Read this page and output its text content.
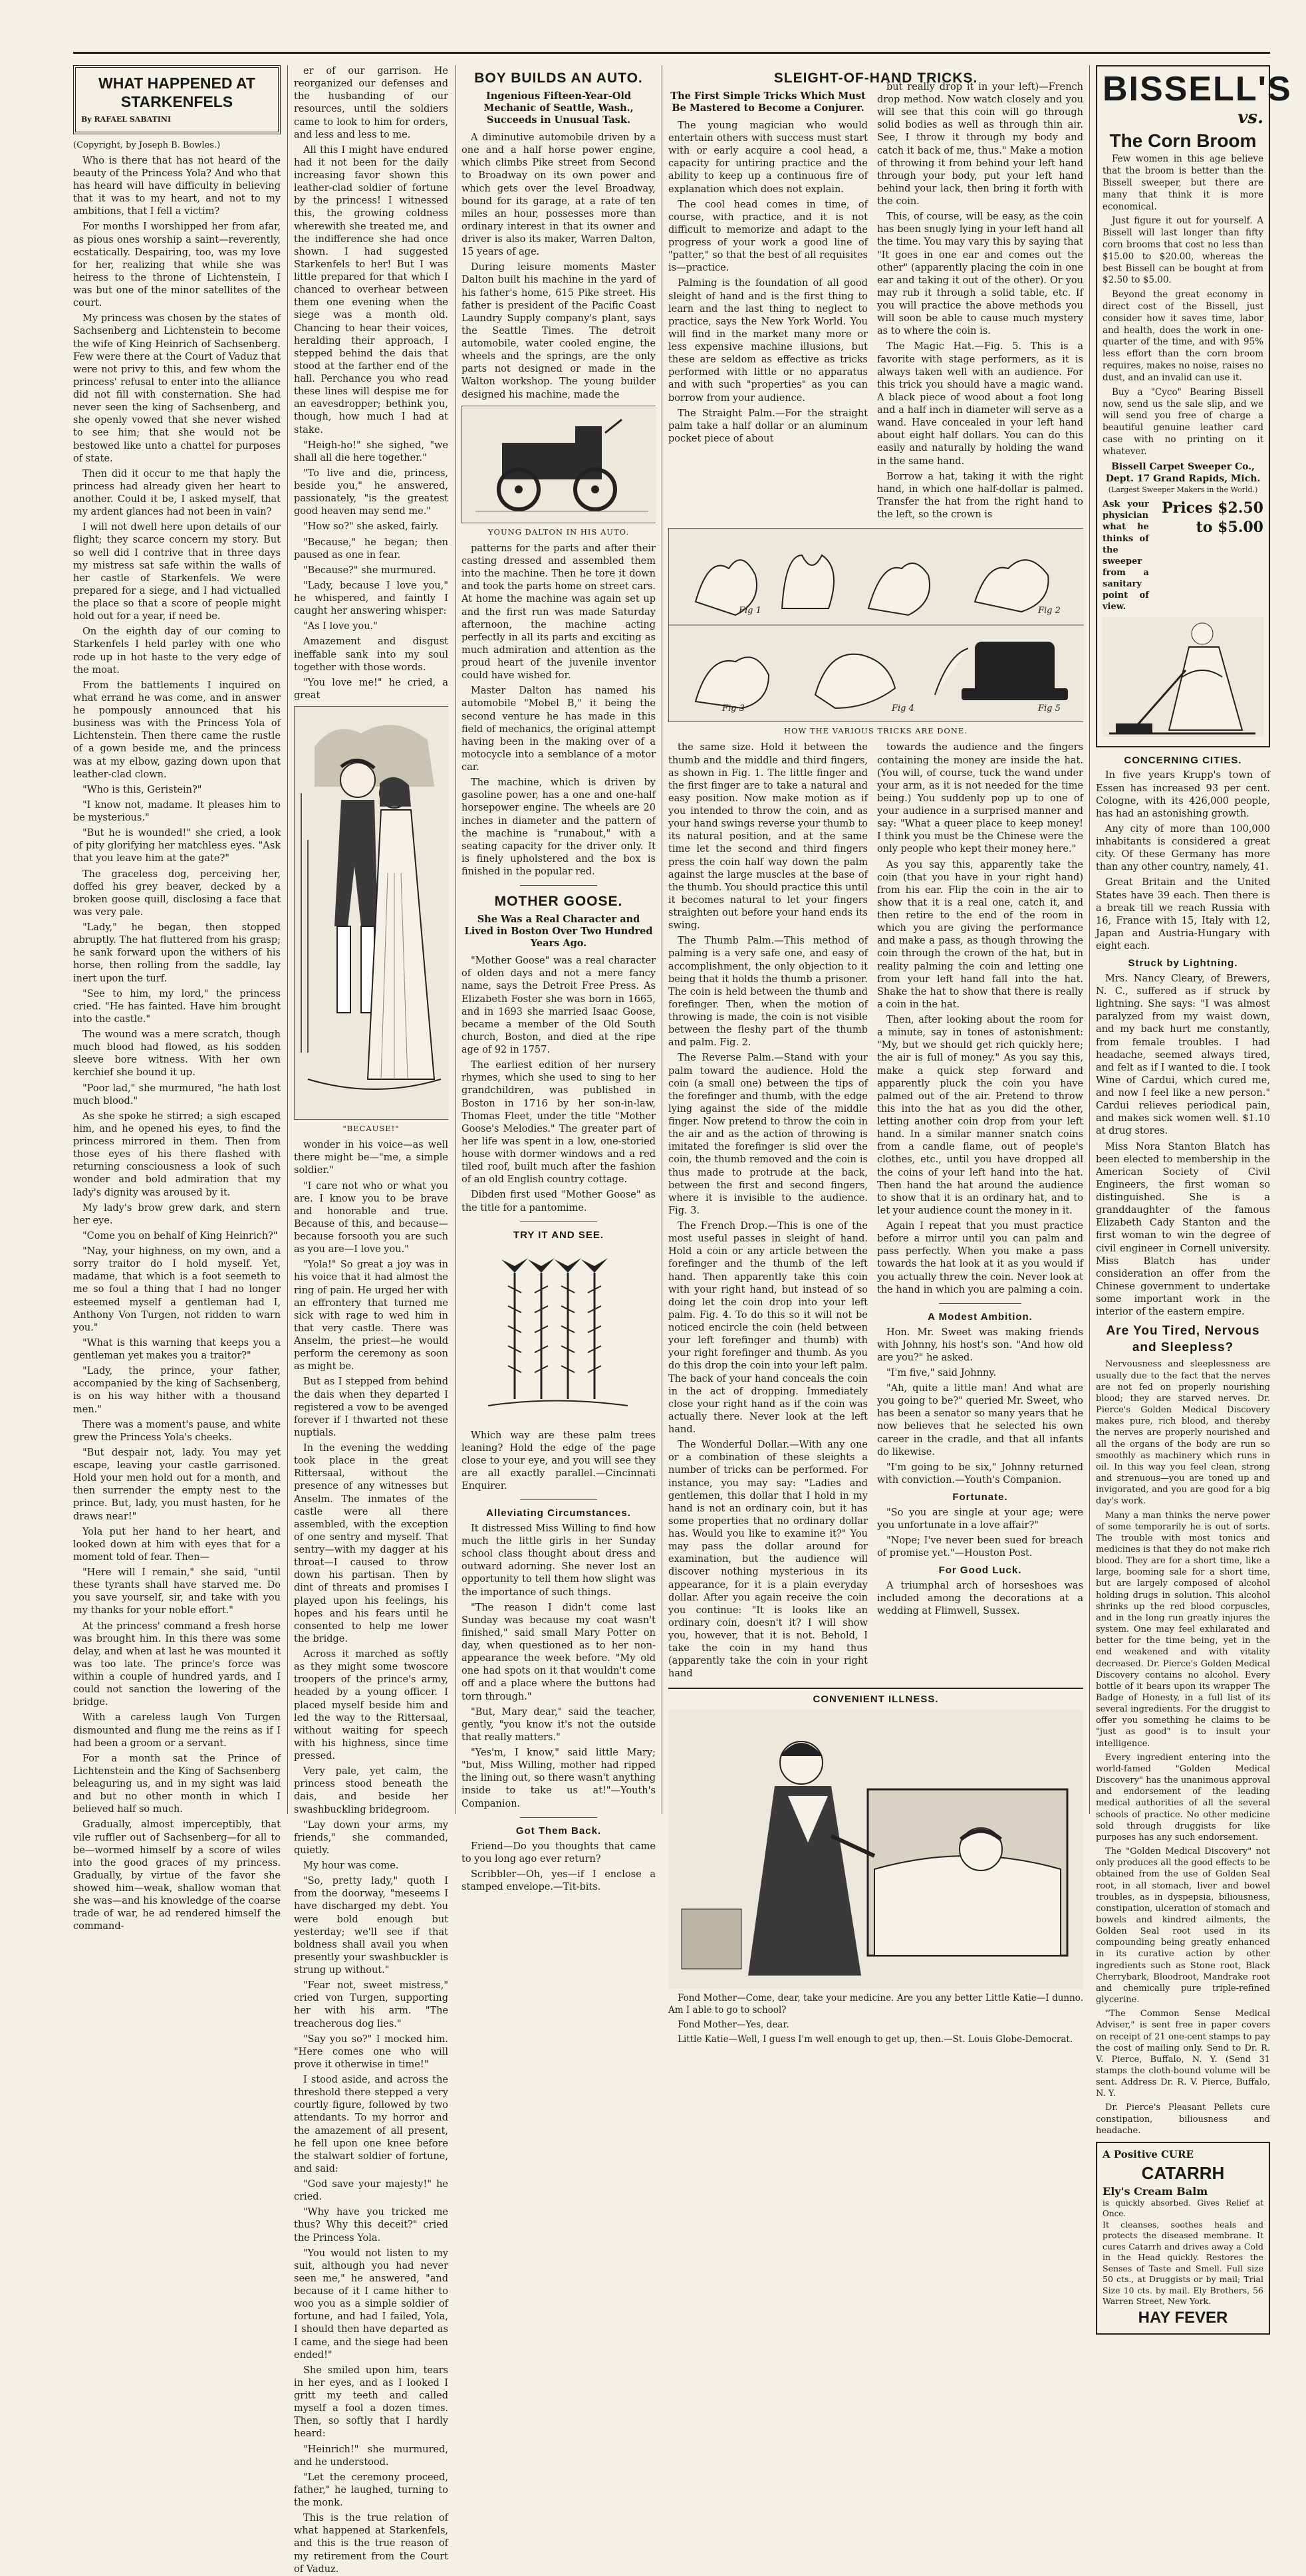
WHAT HAPPENED AT STARKENFELS
By RAFAEL SABATINI
(Copyright, by Joseph B. Bowles.)

Who is there that has not heard of the beauty of the Princess Yola? And who that has heard will have difficulty in believing that it was to my heart, and not to my ambitions, that I fell a victim?

For months I worshipped her from afar, as pious ones worship a saint—reverently, ecstatically. Despairing, too, was my love for her, realizing that while she was heiress to the throne of Lichtenstein, I was but one of the minor satellites of the court.

My princess was chosen by the states of Sachsenberg and Lichtenstein to become the wife of King Heinrich of Sachsenberg. Few were there at the Court of Vaduz that were not privy to this, and few whom the princess' refusal to enter into the alliance did not fill with consternation. She had never seen the king of Sachsenberg, and she openly vowed that she never wished to see him; that she would not be bestowed like unto a chattel for purposes of state.

Then did it occur to me that haply the princess had already given her heart to another. Could it be, I asked myself, that my ardent glances had not been in vain?

I will not dwell here upon details of our flight; they scarce concern my story. But so well did I contrive that in three days my mistress sat safe within the walls of her castle of Starkenfels. We were prepared for a siege, and I had victualled the place so that a score of people might hold out for a year, if need be.

On the eighth day of our coming to Starkenfels I held parley with one who rode up in hot haste to the very edge of the moat.

From the battlements I inquired on what errand he was come, and in answer he pompously announced that his business was with the Princess Yola of Lichtenstein. Then there came the rustle of a gown beside me, and the princess was at my elbow, gazing down upon that leather-clad clown.

"Who is this, Geristein?"

"I know not, madame. It pleases him to be mysterious."

"But he is wounded!" she cried, a look of pity glorifying her matchless eyes. "Ask that you leave him at the gate?"

The graceless dog, perceiving her, doffed his grey beaver, decked by a broken goose quill, disclosing a face that was very pale.

"Lady," he began, then stopped abruptly. The hat fluttered from his grasp; he sank forward upon the withers of his horse, then rolling from the saddle, lay inert upon the turf.

"See to him, my lord," the princess cried. "He has fainted. Have him brought into the castle."

The wound was a mere scratch, though much blood had flowed, as his sodden sleeve bore witness. With her own kerchief she bound it up.

"Poor lad," she murmured, "he hath lost much blood."

As she spoke he stirred; a sigh escaped him, and he opened his eyes, to find the princess mirrored in them. Then from those eyes of his there flashed with returning consciousness a look of such wonder and bold admiration that my lady's dignity was aroused by it.

My lady's brow grew dark, and stern her eye.

"Come you on behalf of King Heinrich?"

"Nay, your highness, on my own, and a sorry traitor do I hold myself. Yet, madame, that which is a foot seemeth to me so foul a thing that I had no longer esteemed myself a gentleman had I, Anthony Von Turgen, not ridden to warn you."

"What is this warning that keeps you a gentleman yet makes you a traitor?"

"Lady, the prince, your father, accompanied by the king of Sachsenberg, is on his way hither with a thousand men."

There was a moment's pause, and white grew the Princess Yola's cheeks.

"But despair not, lady. You may yet escape, leaving your castle garrisoned. Hold your men hold out for a month, and then surrender the empty nest to the prince. But, lady, you must hasten, for he draws near!"

Yola put her hand to her heart, and looked down at him with eyes that for a moment told of fear. Then—

"Here will I remain," she said, "until these tyrants shall have starved me. Do you save yourself, sir, and take with you my thanks for your noble effort."

At the princess' command a fresh horse was brought him. In this there was some delay, and when at last he was mounted it was too late. The prince's force was within a couple of hundred yards, and I could not sanction the lowering of the bridge.

With a careless laugh Von Turgen dismounted and flung me the reins as if I had been a groom or a servant.

For a month sat the Prince of Lichtenstein and the King of Sachsenberg beleaguring us, and in my sight was laid and but no other month in which I believed half so much.

Gradually, almost imperceptibly, that vile ruffler out of Sachsenberg—for all to be—wormed himself by a score of wiles into the good graces of my princess. Gradually, by virtue of the favor she showed him—weak, shallow woman that she was—and his knowledge of the coarse trade of war, he ad rendered himself the command-

er of our garrison. He reorganized our defenses and the husbanding of our resources, until the soldiers came to look to him for orders, and less and less to me.

All this I might have endured had it not been for the daily increasing favor shown this leather-clad soldier of fortune by the princess! I witnessed this, the growing coldness wherewith she treated me, and the indifference she had once shown. I had suggested Starkenfels to her! But I was little prepared for that which I chanced to overhear between them one evening when the siege was a month old. Chancing to hear their voices, heralding their approach, I stepped behind the dais that stood at the farther end of the hall. Perchance you who read these lines will despise me for an eavesdropper; bethink you, though, how much I had at stake.

"Heigh-ho!" she sighed, "we shall all die here together."

"To live and die, princess, beside you," he answered, passionately, "is the greatest good heaven may send me."

"How so?" she asked, fairly.

"Because," he began; then paused as one in fear.

"Because?" she murmured.

"Lady, because I love you," he whispered, and faintly I caught her answering whisper:

"As I love you."

Amazement and disgust ineffable sank into my soul together with those words.

"You love me!" he cried, a great

"BECAUSE!"

wonder in his voice—as well there might be—"me, a simple soldier."

"I care not who or what you are. I know you to be brave and honorable and true. Because of this, and because—because forsooth you are such as you are—I love you."

"Yola!" So great a joy was in his voice that it had almost the ring of pain. He urged her with an effrontery that turned me sick with rage to wed him in that very castle. There was Anselm, the priest—he would perform the ceremony as soon as might be.

But as I stepped from behind the dais when they departed I registered a vow to be avenged forever if I thwarted not these nuptials.

In the evening the wedding took place in the great Rittersaal, without the presence of any witnesses but Anselm. The inmates of the castle were all there assembled, with the exception of one sentry and myself. That sentry—with my dagger at his throat—I caused to throw down his partisan. Then by dint of threats and promises I played upon his feelings, his hopes and his fears until he consented to help me lower the bridge.

Across it marched as softly as they might some twoscore troopers of the prince's army, headed by a young officer. I placed myself beside him and led the way to the Rittersaal, without waiting for speech with his highness, since time pressed.

Very pale, yet calm, the princess stood beneath the dais, and beside her swashbuckling bridegroom.

"Lay down your arms, my friends," she commanded, quietly.

My hour was come.

"So, pretty lady," quoth I from the doorway, "meseems I have discharged my debt. You were bold enough but yesterday; we'll see if that boldness shall avail you when presently your swashbuckler is strung up without."

"Fear not, sweet mistress," cried von Turgen, supporting her with his arm. "The treacherous dog lies."

"Say you so?" I mocked him. "Here comes one who will prove it otherwise in time!"

I stood aside, and across the threshold there stepped a very courtly figure, followed by two attendants. To my horror and the amazement of all present, he fell upon one knee before the stalwart soldier of fortune, and said:

"God save your majesty!" he cried.

"Why have you tricked me thus? Why this deceit?" cried the Princess Yola.

"You would not listen to my suit, although you had never seen me," he answered, "and because of it I came hither to woo you as a simple soldier of fortune, and had I failed, Yola, I should then have departed as I came, and the siege had been ended!"

She smiled upon him, tears in her eyes, and as I looked I gritt my teeth and called myself a fool a dozen times. Then, so softly that I hardly heard:

"Heinrich!" she murmured, and he understood.

"Let the ceremony proceed, father," he laughed, turning to the monk.

This is the true relation of what happened at Starkenfels, and this is the true reason of my retirement from the Court of Vaduz.

BOY BUILDS AN AUTO.
Ingenious Fifteen-Year-Old Mechanic of Seattle, Wash., Succeeds in Unusual Task.

A diminutive automobile driven by a one and a half horse power engine, which climbs Pike street from Second to Broadway on its own power and which gets over the level Broadway, bound for its garage, at a rate of ten miles an hour, possesses more than ordinary interest in that its owner and driver is also its maker, Warren Dalton, 15 years of age.

During leisure moments Master Dalton built his machine in the yard of his father's home, 615 Pike street. His father is president of the Pacific Coast Laundry Supply company's plant, says the Seattle Times. The detroit automobile, water cooled engine, the wheels and the springs, are the only parts not designed or made in the Walton workshop. The young builder designed his machine, made the

YOUNG DALTON IN HIS AUTO.

patterns for the parts and after their casting dressed and assembled them into the machine. Then he tore it down and took the parts home on street cars. At home the machine was again set up and the first run was made Saturday afternoon, the machine acting perfectly in all its parts and exciting as much admiration and attention as the proud heart of the juvenile inventor could have wished for.

Master Dalton has named his automobile "Mobel B," it being the second venture he has made in this field of mechanics, the original attempt having been in the making over of a motocycle into a semblance of a motor car.

The machine, which is driven by gasoline power, has a one and one-half horsepower engine. The wheels are 20 inches in diameter and the pattern of the machine is "runabout," with a seating capacity for the driver only. It is finely upholstered and the box is finished in the popular red.

MOTHER GOOSE.
She Was a Real Character and Lived in Boston Over Two Hundred Years Ago.

"Mother Goose" was a real character of olden days and not a mere fancy name, says the Detroit Free Press. As Elizabeth Foster she was born in 1665, and in 1693 she married Isaac Goose, became a member of the Old South church, Boston, and died at the ripe age of 92 in 1757.

The earliest edition of her nursery rhymes, which she used to sing to her grandchildren, was published in Boston in 1716 by her son-in-law, Thomas Fleet, under the title "Mother Goose's Melodies." The greater part of her life was spent in a low, one-storied house with dormer windows and a red tiled roof, built much after the fashion of an old English country cottage.

Dibden first used "Mother Goose" as the title for a pantomime.

TRY IT AND SEE.

Which way are these palm trees leaning? Hold the edge of the page close to your eye, and you will see they are all exactly parallel.—Cincinnati Enquirer.

Alleviating Circumstances.

It distressed Miss Willing to find how much the little girls in her Sunday school class thought about dress and outward adorning. She never lost an opportunity to tell them how slight was the importance of such things.

"The reason I didn't come last Sunday was because my coat wasn't finished," said small Mary Potter on day, when questioned as to her non-appearance the week before. "My old one had spots on it that wouldn't come off and a place where the buttons had torn through."

"But, Mary dear," said the teacher, gently, "you know it's not the outside that really matters."

"Yes'm, I know," said little Mary; "but, Miss Willing, mother had ripped the lining out, so there wasn't anything inside to take us at!"—Youth's Companion.

Got Them Back.

Friend—Do you thoughts that came to you long ago ever return?

Scribbler—Oh, yes—if I enclose a stamped envelope.—Tit-bits.

SLEIGHT-OF-HAND TRICKS.
The First Simple Tricks Which Must Be Mastered to Become a Conjurer.

The young magician who would entertain others with success must start with or early acquire a cool head, a capacity for untiring practice and the ability to keep up a continuous fire of explanation which does not explain.

The cool head comes in time, of course, with practice, and it is not difficult to memorize and adapt to the progress of your work a good line of "patter," so that the best of all requisites is—practice.

Palming is the foundation of all good sleight of hand and is the first thing to learn and the last thing to neglect to practice, says the New York World. You will find in the market many more or less expensive machine illusions, but these are seldom as effective as tricks performed with little or no apparatus and with such "properties" as you can borrow from your audience.

The Straight Palm.—For the straight palm take a half dollar or an aluminum pocket piece of about

but really drop it in your left)—French drop method. Now watch closely and you will see that this coin will go through solid bodies as well as through thin air. See, I throw it through my body and catch it back of me, thus." Make a motion of throwing it from behind your left hand through your body, put your left hand behind your lack, then bring it forth with the coin.

This, of course, will be easy, as the coin has been snugly lying in your left hand all the time. You may vary this by saying that "It goes in one ear and comes out the other" (apparently placing the coin in one ear and taking it out of the other). Or you may rub it through a solid table, etc. If you will practice the above methods you will soon be able to cause much mystery as to where the coin is.

The Magic Hat.—Fig. 5. This is a favorite with stage performers, as it is always taken well with an audience. For this trick you should have a magic wand. A black piece of wood about a foot long and a half inch in diameter will serve as a wand. Have concealed in your left hand about eight half dollars. You can do this easily and naturally by holding the wand in the same hand.

Borrow a hat, taking it with the right hand, in which one half-dollar is palmed. Transfer the hat from the right hand to the left, so the crown is

Fig 1	Fig 2
Fig 3	Fig 4	Fig 5
HOW THE VARIOUS TRICKS ARE DONE.

the same size. Hold it between the thumb and the middle and third fingers, as shown in Fig. 1. The little finger and the first finger are to take a natural and easy position. Now make motion as if you intended to throw the coin, and as your hand swings reverse your thumb to its natural position, and at the same time let the second and third fingers press the coin half way down the palm against the large muscles at the base of the thumb. You should practice this until it becomes natural to let your fingers straighten out before your hand ends its swing.

The Thumb Palm.—This method of palming is a very safe one, and easy of accomplishment, the only objection to it being that it holds the thumb a prisoner. The coin is held between the thumb and forefinger. Then, when the motion of throwing is made, the coin is not visible between the fleshy part of the thumb and palm. Fig. 2.

The Reverse Palm.—Stand with your palm toward the audience. Hold the coin (a small one) between the tips of the forefinger and thumb, with the edge lying against the side of the middle finger. Now pretend to throw the coin in the air and as the action of throwing is imitated the forefinger is slid over the coin, the thumb removed and the coin is thus made to protrude at the back, between the first and second fingers, where it is invisible to the audience. Fig. 3.

The French Drop.—This is one of the most useful passes in sleight of hand. Hold a coin or any article between the forefinger and the thumb of the left hand. Then apparently take this coin with your right hand, but instead of so doing let the coin drop into your left palm. Fig. 4. To do this so it will not be noticed encircle the coin (held between your left forefinger and thumb) with your right forefinger and thumb. As you do this drop the coin into your left palm. The back of your hand conceals the coin in the act of dropping. Immediately close your right hand as if the coin was actually there. Never look at the left hand.

The Wonderful Dollar.—With any one or a combination of these sleights a number of tricks can be performed. For instance, you may say: "Ladies and gentlemen, this dollar that I hold in my hand is not an ordinary coin, but it has some properties that no ordinary dollar has. Would you like to examine it?" You may pass the dollar around for examination, but the audience will discover nothing mysterious in its appearance, for it is a plain everyday dollar. After you again receive the coin you continue: "It is looks like an ordinary coin, doesn't it? I will show you, however, that it is not. Behold, I take the coin in my hand thus (apparently take the coin in your right hand

towards the audience and the fingers containing the money are inside the hat. (You will, of course, tuck the wand under your arm, as it is not needed for the time being.) You suddenly pop up to one of your audience in a surprised manner and say: "What a queer place to keep money! I think you must be the Chinese were the only people who kept their money here."

As you say this, apparently take the coin (that you have in your right hand) from his ear. Flip the coin in the air to show that it is a real one, catch it, and then retire to the end of the room in which you are giving the performance and make a pass, as though throwing the coin through the crown of the hat, but in reality palming the coin and letting one from your left hand fall into the hat. Shake the hat to show that there is really a coin in the hat.

Then, after looking about the room for a minute, say in tones of astonishment: "My, but we should get rich quickly here; the air is full of money." As you say this, make a quick step forward and apparently pluck the coin you have palmed out of the air. Pretend to throw this into the hat as you did the other, letting another coin drop from your left hand. In a similar manner snatch coins from a candle flame, out of people's clothes, etc., until you have dropped all the coins of your left hand into the hat. Then hand the hat around the audience to show that it is an ordinary hat, and to let your audience count the money in it.

Again I repeat that you must practice before a mirror until you can palm and pass perfectly. When you make a pass towards the hat look at it as you would if you actually threw the coin. Never look at the hand in which you are palming a coin.

A Modest Ambition.

Hon. Mr. Sweet was making friends with Johnny, his host's son. "And how old are you?" he asked.

"I'm five," said Johnny.

"Ah, quite a little man! And what are you going to be?" queried Mr. Sweet, who has been a senator so many years that he now believes that he selected his own career in the cradle, and that all infants do likewise.

"I'm going to be six," Johnny returned with conviction.—Youth's Companion.

Fortunate.

"So you are single at your age; were you unfortunate in a love affair?"

"Nope; I've never been sued for breach of promise yet."—Houston Post.

For Good Luck.

A triumphal arch of horseshoes was included among the decorations at a wedding at Flimwell, Sussex.

CONVENIENT ILLNESS.

Fond Mother—Come, dear, take your medicine. Are you any better Little Katie—I dunno. Am I able to go to school?

Fond Mother—Yes, dear.

Little Katie—Well, I guess I'm well enough to get up, then.—St. Louis Globe-Democrat.

BISSELL'S
vs.
The Corn Broom

Few women in this age believe that the broom is better than the Bissell sweeper, but there are many that think it is more economical.

Just figure it out for yourself. A Bissell will last longer than fifty corn brooms that cost no less than $15.00 to $20.00, whereas the best Bissell can be bought at from $2.50 to $5.00.

Beyond the great economy in direct cost of the Bissell, just consider how it saves time, labor and health, does the work in one-quarter of the time, and with 95% less effort than the corn broom requires, makes no noise, raises no dust, and an invalid can use it.

Buy a "Cyco" Bearing Bissell now, send us the sale slip, and we will send you free of charge a beautiful genuine leather card case with no printing on it whatever.

Bissell Carpet Sweeper Co., Dept. 17 Grand Rapids, Mich.
(Largest Sweeper Makers in the World.)
Ask your physician what he thinks of the sweeper from a sanitary point of view.
Prices $2.50 to $5.00
CONCERNING CITIES.

In five years Krupp's town of Essen has increased 93 per cent. Cologne, with its 426,000 people, has had an astonishing growth.

Any city of more than 100,000 inhabitants is considered a great city. Of these Germany has more than any other country, namely, 41.

Great Britain and the United States have 39 each. Then there is a break till we reach Russia with 16, France with 15, Italy with 12, Japan and Austria-Hungary with eight each.

Struck by Lightning.

Mrs. Nancy Cleary, of Brewers, N. C., suffered as if struck by lightning. She says: "I was almost paralyzed from my waist down, and my back hurt me constantly, from female troubles. I had headache, seemed always tired, and felt as if I wanted to die. I took Wine of Cardui, which cured me, and now I feel like a new person." Cardui relieves periodical pain, and makes sick women well. $1.10 at drug stores.

Miss Nora Stanton Blatch has been elected to membership in the American Society of Civil Engineers, the first woman so distinguished. She is a granddaughter of the famous Elizabeth Cady Stanton and the first woman to win the degree of civil engineer in Cornell university. Miss Blatch has under consideration an offer from the Chinese government to undertake some important work in the interior of the eastern empire.

Are You Tired, Nervous and Sleepless?

Nervousness and sleeplessness are usually due to the fact that the nerves are not fed on properly nourishing blood; they are starved nerves. Dr. Pierce's Golden Medical Discovery makes pure, rich blood, and thereby the nerves are properly nourished and all the organs of the body are run so smoothly as machinery which runs in oil. In this way you feel clean, strong and strenuous—you are toned up and invigorated, and you are good for a big day's work.

Many a man thinks the nerve power of some temporarily he is out of sorts. The trouble with most tonics and medicines is that they do not make rich blood. They are for a short time, like a large, booming sale for a short time, but are largely composed of alcohol holding drugs in solution. This alcohol shrinks up the red blood corpuscles, and in the long run greatly injures the system. One may feel exhilarated and better for the time being, yet in the end weakened and with vitality decreased. Dr. Pierce's Golden Medical Discovery contains no alcohol. Every bottle of it bears upon its wrapper The Badge of Honesty, in a full list of its several ingredients. For the druggist to offer you something he claims to be "just as good" is to insult your intelligence.

Every ingredient entering into the world-famed "Golden Medical Discovery" has the unanimous approval and endorsement of the leading medical authorities of all the several schools of practice. No other medicine sold through druggists for like purposes has any such endorsement.

The "Golden Medical Discovery" not only produces all the good effects to be obtained from the use of Golden Seal root, in all stomach, liver and bowel troubles, as in dyspepsia, biliousness, constipation, ulceration of stomach and bowels and kindred ailments, the Golden Seal root used in its compounding being greatly enhanced in its curative action by other ingredients such as Stone root, Black Cherrybark, Bloodroot, Mandrake root and chemically pure triple-refined glycerine.

"The Common Sense Medical Adviser," is sent free in paper covers on receipt of 21 one-cent stamps to pay the cost of mailing only. Send to Dr. R. V. Pierce, Buffalo, N. Y. (Send 31 stamps the cloth-bound volume will be sent. Address Dr. R. V. Pierce, Buffalo, N. Y.

Dr. Pierce's Pleasant Pellets cure constipation, biliousness and headache.

A Positive CURE
CATARRH
Ely's Cream Balm
is quickly absorbed. Gives Relief at Once.
It cleanses, soothes heals and protects the diseased membrane. It cures Catarrh and drives away a Cold in the Head quickly. Restores the Senses of Taste and Smell. Full size 50 cts., at Druggists or by mail; Trial Size 10 cts. by mail. Ely Brothers, 56 Warren Street, New York.
HAY FEVER
